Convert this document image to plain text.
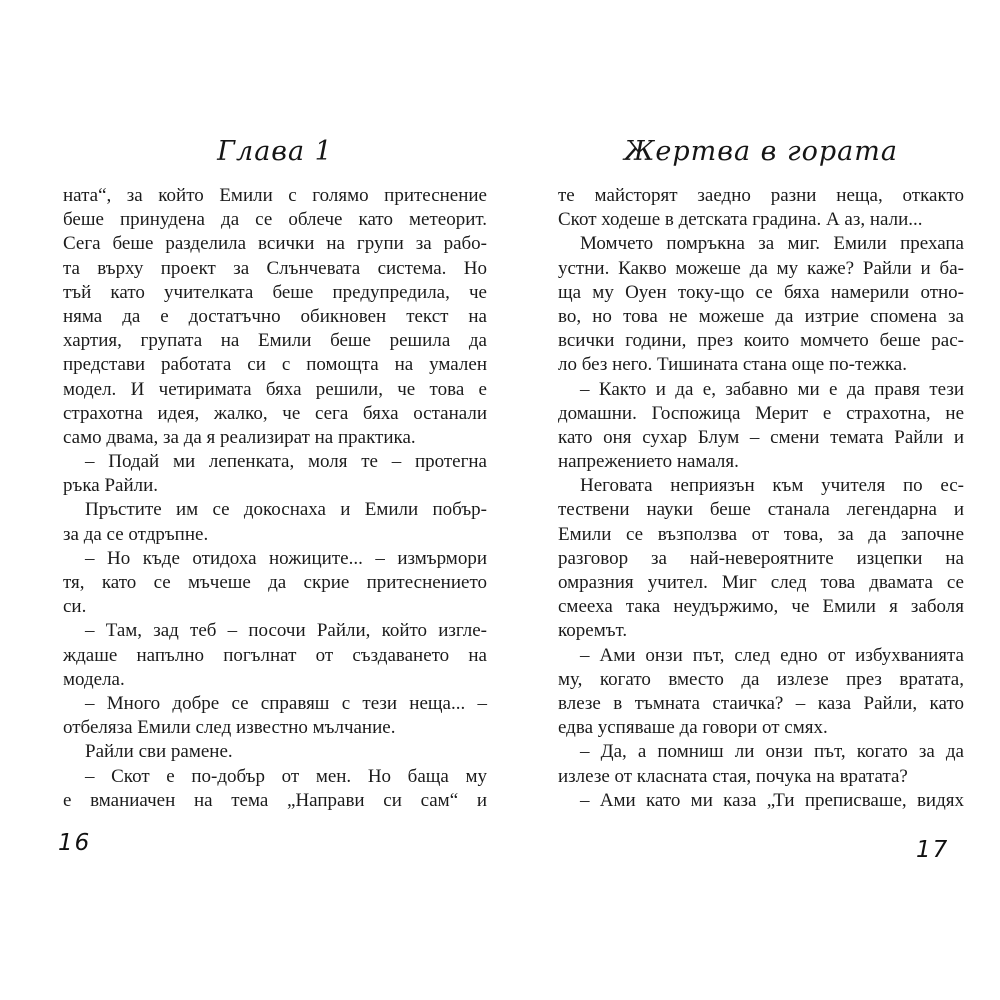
Глава 1	Жертва в гората
ната“, за който Емили с голямо притеснение
беше принудена да се облече като метеорит.
Сега беше разделила всички на групи за рабо-
та върху проект за Слънчевата система. Но
тъй като учителката беше предупредила, че
няма да е достатъчно обикновен текст на
хартия, групата на Емили беше решила да
представи работата си с помощта на умален
модел. И четиримата бяха решили, че това е
страхотна идея, жалко, че сега бяха останали
само двама, за да я реализират на практика.
– Подай ми лепенката, моля те – протегна
ръка Райли.
Пръстите им се докоснаха и Емили побър-
за да се отдръпне.
– Но къде отидоха ножиците... – измърмори
тя, като се мъчеше да скрие притеснението
си.
– Там, зад теб – посочи Райли, който изгле-
ждаше напълно погълнат от създаването на
модела.
– Много добре се справяш с тези неща... –
отбеляза Емили след известно мълчание.
Райли сви рамене.
– Скот е по-добър от мен. Но баща му
е вманиачен на тема „Направи си сам“ и
те майсторят заедно разни неща, откакто
Скот ходеше в детската градина. А аз, нали...
Момчето помръкна за миг. Емили прехапа
устни. Какво можеше да му каже? Райли и ба-
ща му Оуен току-що се бяха намерили отно-
во, но това не можеше да изтрие спомена за
всички години, през които момчето беше рас-
ло без него. Тишината стана още по-тежка.
– Както и да е, забавно ми е да правя тези
домашни. Госпожица Мерит е страхотна, не
като оня сухар Блум – смени темата Райли и
напрежението намаля.
Неговата неприязън към учителя по ес-
тествени науки беше станала легендарна и
Емили се възползва от това, за да започне
разговор за най-невероятните изцепки на
омразния учител. Миг след това двамата се
смееха така неудържимо, че Емили я заболя
коремът.
– Ами онзи път, след едно от избухванията
му, когато вместо да излезе през вратата,
влезе в тъмната стаичка? – каза Райли, като
едва успяваше да говори от смях.
– Да, а помниш ли онзи път, когато за да
излезе от класната стая, почука на вратата?
– Ами като ми каза „Ти преписваше, видях
16	17
